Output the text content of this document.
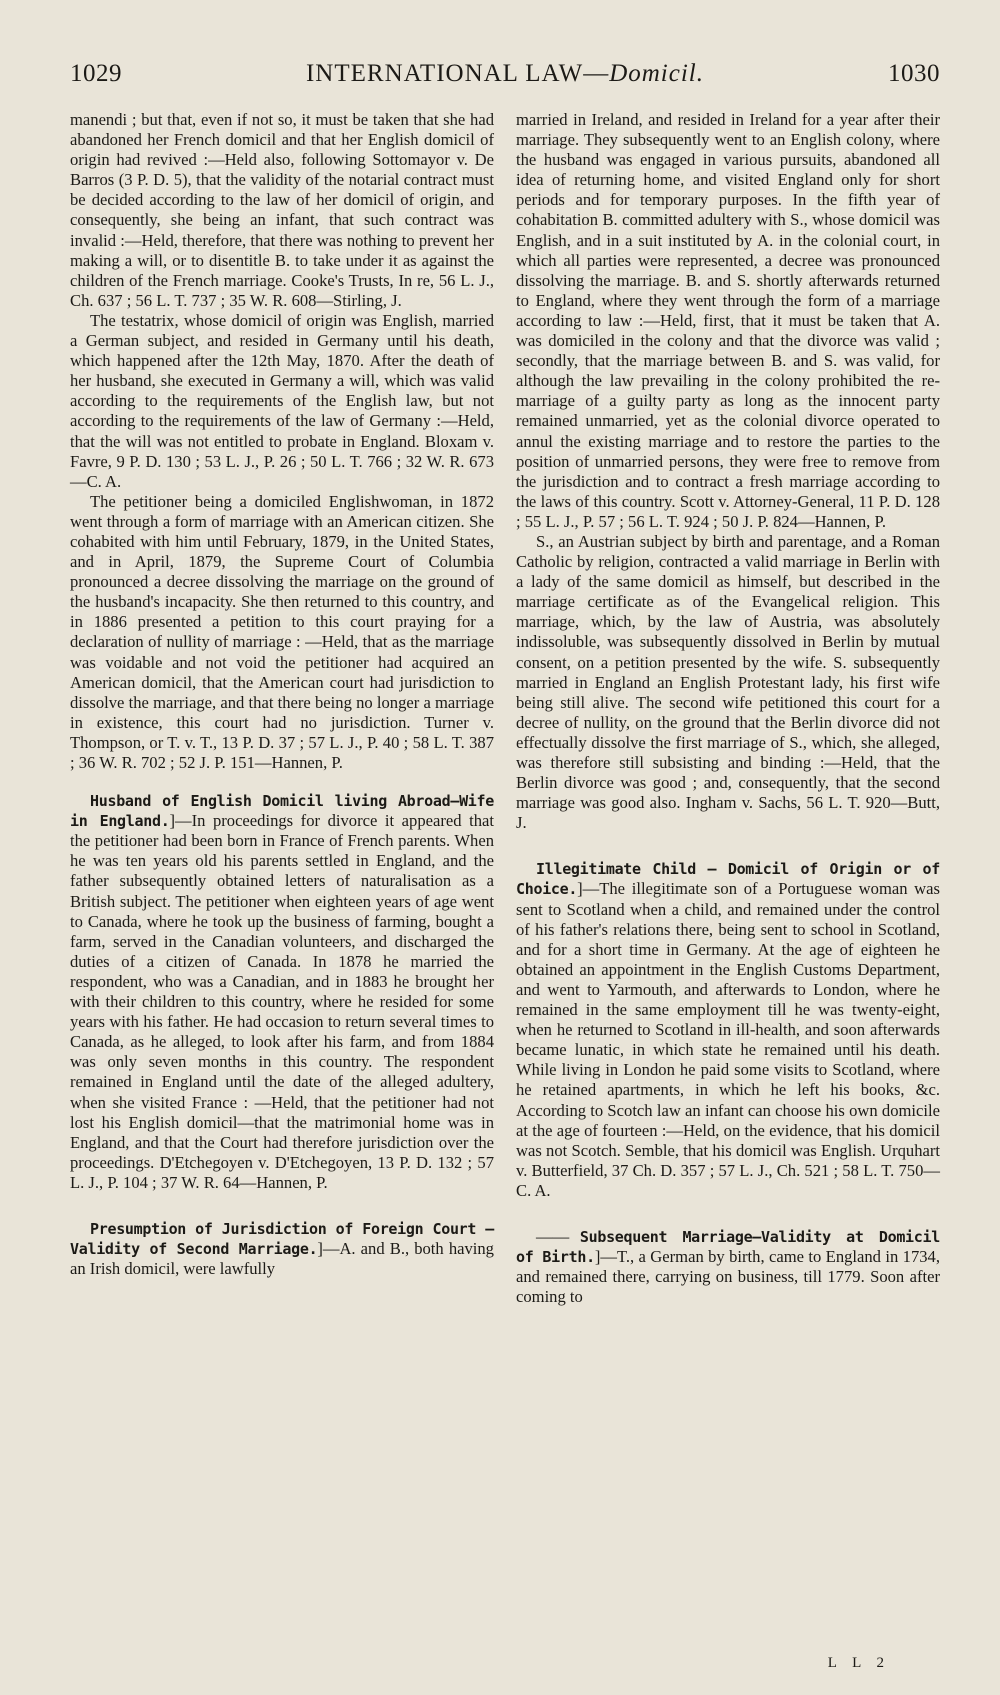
1029	INTERNATIONAL LAW—Domicil.	1030

manendi ; but that, even if not so, it must be taken that she had abandoned her French domicil and that her English domicil of origin had revived :—Held also, following Sottomayor v. De Barros (3 P. D. 5), that the validity of the notarial contract must be decided according to the law of her domicil of origin, and consequently, she being an infant, that such contract was invalid :—Held, therefore, that there was nothing to prevent her making a will, or to disentitle B. to take under it as against the children of the French marriage. Cooke's Trusts, In re, 56 L. J., Ch. 637 ; 56 L. T. 737 ; 35 W. R. 608—Stirling, J.

The testatrix, whose domicil of origin was English, married a German subject, and resided in Germany until his death, which happened after the 12th May, 1870. After the death of her husband, she executed in Germany a will, which was valid according to the requirements of the English law, but not according to the requirements of the law of Germany :—Held, that the will was not entitled to probate in England. Bloxam v. Favre, 9 P. D. 130 ; 53 L. J., P. 26 ; 50 L. T. 766 ; 32 W. R. 673—C. A.

The petitioner being a domiciled Englishwoman, in 1872 went through a form of marriage with an American citizen. She cohabited with him until February, 1879, in the United States, and in April, 1879, the Supreme Court of Columbia pronounced a decree dissolving the marriage on the ground of the husband's incapacity. She then returned to this country, and in 1886 presented a petition to this court praying for a declaration of nullity of marriage : —Held, that as the marriage was voidable and not void the petitioner had acquired an American domicil, that the American court had jurisdiction to dissolve the marriage, and that there being no longer a marriage in existence, this court had no jurisdiction. Turner v. Thompson, or T. v. T., 13 P. D. 37 ; 57 L. J., P. 40 ; 58 L. T. 387 ; 36 W. R. 702 ; 52 J. P. 151—Hannen, P.

Husband of English Domicil living Abroad—Wife in England.]—In proceedings for divorce it appeared that the petitioner had been born in France of French parents. When he was ten years old his parents settled in England, and the father subsequently obtained letters of naturalisation as a British subject. The petitioner when eighteen years of age went to Canada, where he took up the business of farming, bought a farm, served in the Canadian volunteers, and discharged the duties of a citizen of Canada. In 1878 he married the respondent, who was a Canadian, and in 1883 he brought her with their children to this country, where he resided for some years with his father. He had occasion to return several times to Canada, as he alleged, to look after his farm, and from 1884 was only seven months in this country. The respondent remained in England until the date of the alleged adultery, when she visited France : —Held, that the petitioner had not lost his English domicil—that the matrimonial home was in England, and that the Court had therefore jurisdiction over the proceedings. D'Etchegoyen v. D'Etchegoyen, 13 P. D. 132 ; 57 L. J., P. 104 ; 37 W. R. 64—Hannen, P.

Presumption of Jurisdiction of Foreign Court —Validity of Second Marriage.]—A. and B., both having an Irish domicil, were lawfully

married in Ireland, and resided in Ireland for a year after their marriage. They subsequently went to an English colony, where the husband was engaged in various pursuits, abandoned all idea of returning home, and visited England only for short periods and for temporary purposes. In the fifth year of cohabitation B. committed adultery with S., whose domicil was English, and in a suit instituted by A. in the colonial court, in which all parties were represented, a decree was pronounced dissolving the marriage. B. and S. shortly afterwards returned to England, where they went through the form of a marriage according to law :—Held, first, that it must be taken that A. was domiciled in the colony and that the divorce was valid ; secondly, that the marriage between B. and S. was valid, for although the law prevailing in the colony prohibited the re-marriage of a guilty party as long as the innocent party remained unmarried, yet as the colonial divorce operated to annul the existing marriage and to restore the parties to the position of unmarried persons, they were free to remove from the jurisdiction and to contract a fresh marriage according to the laws of this country. Scott v. Attorney-General, 11 P. D. 128 ; 55 L. J., P. 57 ; 56 L. T. 924 ; 50 J. P. 824—Hannen, P.

S., an Austrian subject by birth and parentage, and a Roman Catholic by religion, contracted a valid marriage in Berlin with a lady of the same domicil as himself, but described in the marriage certificate as of the Evangelical religion. This marriage, which, by the law of Austria, was absolutely indissoluble, was subsequently dissolved in Berlin by mutual consent, on a petition presented by the wife. S. subsequently married in England an English Protestant lady, his first wife being still alive. The second wife petitioned this court for a decree of nullity, on the ground that the Berlin divorce did not effectually dissolve the first marriage of S., which, she alleged, was therefore still subsisting and binding :—Held, that the Berlin divorce was good ; and, consequently, that the second marriage was good also. Ingham v. Sachs, 56 L. T. 920—Butt, J.

Illegitimate Child — Domicil of Origin or of Choice.]—The illegitimate son of a Portuguese woman was sent to Scotland when a child, and remained under the control of his father's relations there, being sent to school in Scotland, and for a short time in Germany. At the age of eighteen he obtained an appointment in the English Customs Department, and went to Yarmouth, and afterwards to London, where he remained in the same employment till he was twenty-eight, when he returned to Scotland in ill-health, and soon afterwards became lunatic, in which state he remained until his death. While living in London he paid some visits to Scotland, where he retained apartments, in which he left his books, &c. According to Scotch law an infant can choose his own domicile at the age of fourteen :—Held, on the evidence, that his domicil was not Scotch. Semble, that his domicil was English. Urquhart v. Butterfield, 37 Ch. D. 357 ; 57 L. J., Ch. 521 ; 58 L. T. 750—C. A.

—— Subsequent Marriage—Validity at Domicil of Birth.]—T., a German by birth, came to England in 1734, and remained there, carrying on business, till 1779. Soon after coming to

L L 2
